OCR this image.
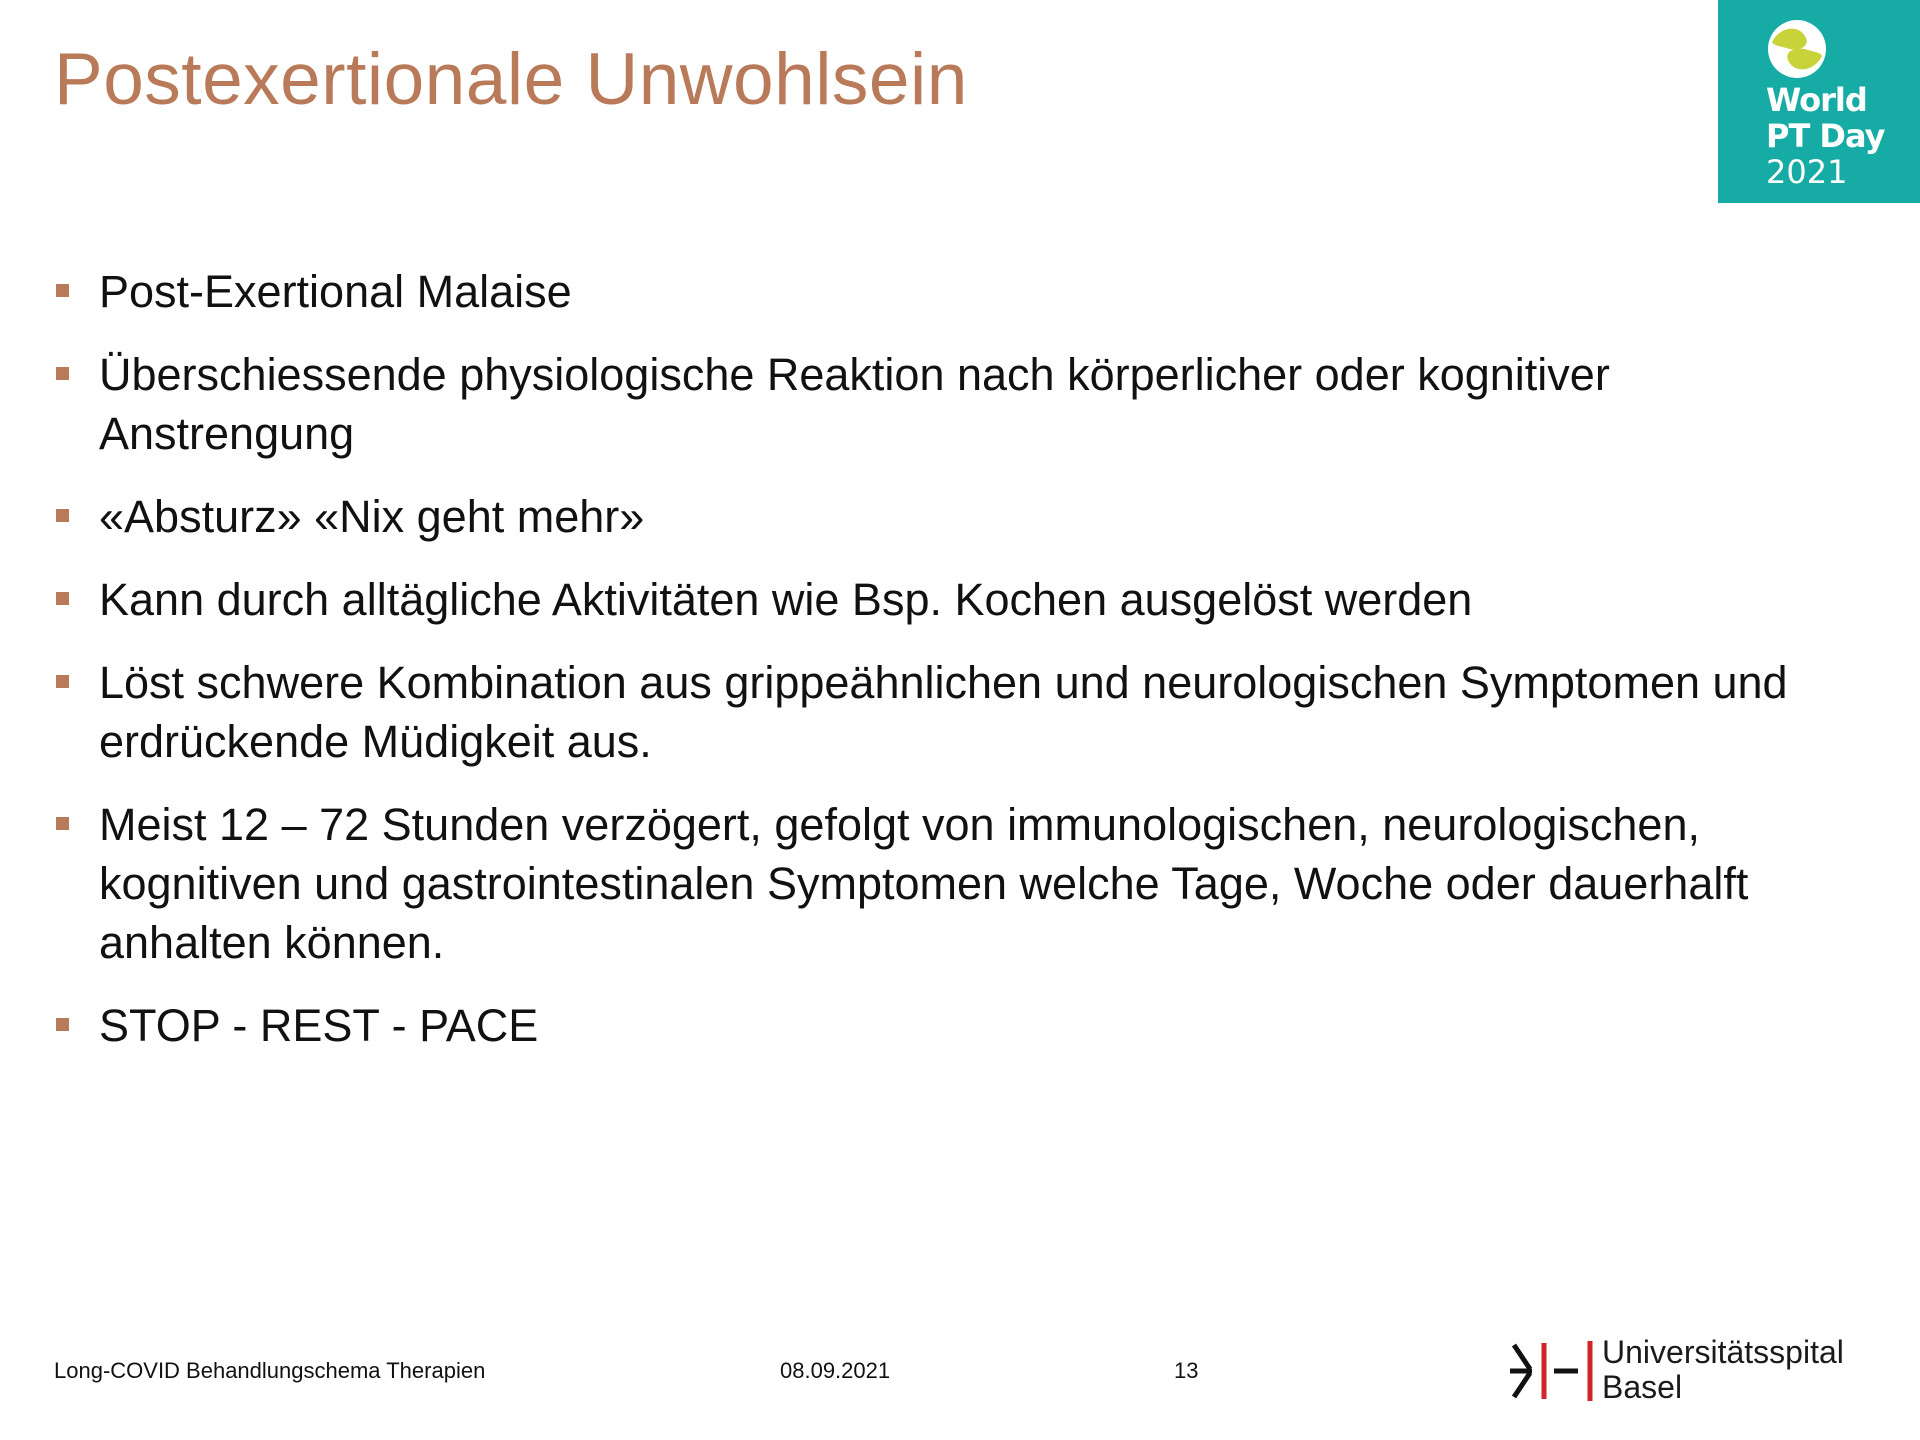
Postexertionale Unwohlsein	World
PT Day
2021
Post-Exertional Malaise
Überschiessende physiologische Reaktion nach körperlicher oder kognitiver Anstrengung
«Absturz» «Nix geht mehr»
Kann durch alltägliche Aktivitäten wie Bsp. Kochen ausgelöst werden
Löst schwere Kombination aus grippeähnlichen und neurologischen Symptomen und erdrückende Müdigkeit aus.
Meist 12 – 72 Stunden verzögert, gefolgt von immunologischen, neurologischen, kognitiven und gastrointestinalen Symptomen welche Tage, Woche oder dauerhalft anhalten können.
STOP - REST - PACE
Long-COVID Behandlungschema Therapien	08.09.2021	13
Universitätsspital
Basel
